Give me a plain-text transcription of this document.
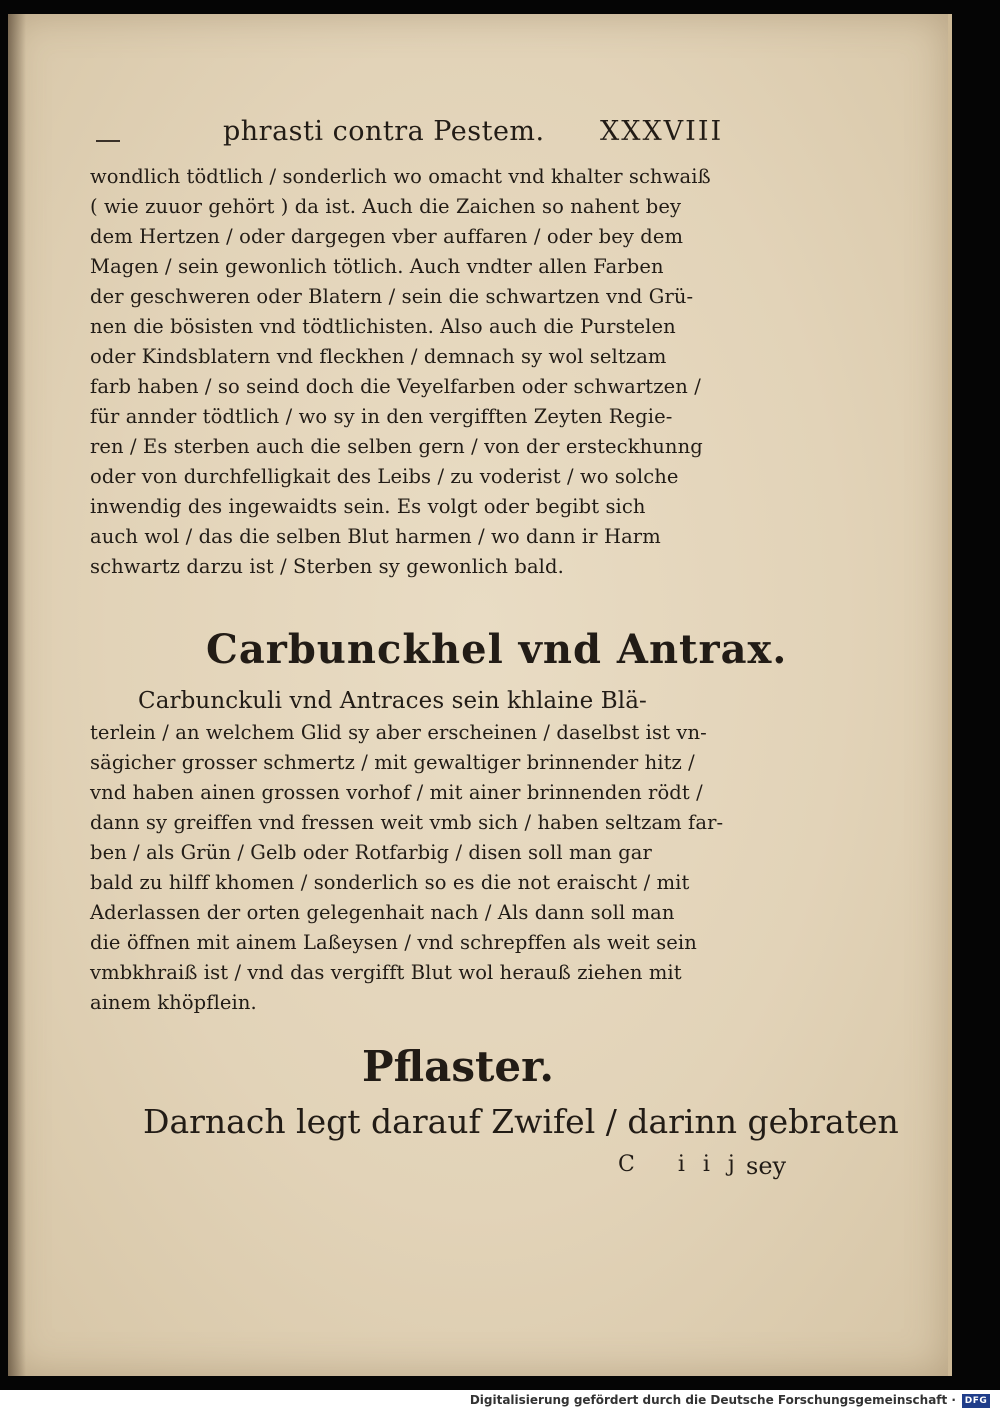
phrasti contra Pestem. XXXVIII
wondlich tödtlich / sonderlich wo omacht vnd khalter schwaiß
( wie zuuor gehört ) da ist. Auch die Zaichen so nahent bey
dem Hertzen / oder dargegen vber auffaren / oder bey dem
Magen / sein gewonlich tötlich. Auch vndter allen Farben
der geschweren oder Blatern / sein die schwartzen vnd Grü-
nen die bösisten vnd tödtlichisten. Also auch die Purstelen
oder Kindsblatern vnd fleckhen / demnach sy wol seltzam
farb haben / so seind doch die Veyelfarben oder schwartzen /
für annder tödtlich / wo sy in den vergifften Zeyten Regie-
ren / Es sterben auch die selben gern / von der ersteckhunng
oder von durchfelligkait des Leibs / zu voderist / wo solche
inwendig des ingewaidts sein. Es volgt oder begibt sich
auch wol / das die selben Blut harmen / wo dann ir Harm
schwartz darzu ist / Sterben sy gewonlich bald.
Carbunckhel vnd Antrax.
Carbunckuli vnd Antraces sein khlaine Blä-
terlein / an welchem Glid sy aber erscheinen / daselbst ist vn-
sägicher grosser schmertz / mit gewaltiger brinnender hitz /
vnd haben ainen grossen vorhof / mit ainer brinnenden rödt /
dann sy greiffen vnd fressen weit vmb sich / haben seltzam far-
ben / als Grün / Gelb oder Rotfarbig / disen soll man gar
bald zu hilff khomen / sonderlich so es die not eraischt / mit
Aderlassen der orten gelegenhait nach / Als dann soll man
die öffnen mit ainem Laßeysen / vnd schrepffen als weit sein
vmbkhraiß ist / vnd das vergifft Blut wol herauß ziehen mit
ainem khöpflein.
Pflaster.
Darnach legt darauf Zwifel / darinn gebraten
C iij
sey
Digitalisierung gefördert durch die Deutsche Forschungsgemeinschaft · DFG
